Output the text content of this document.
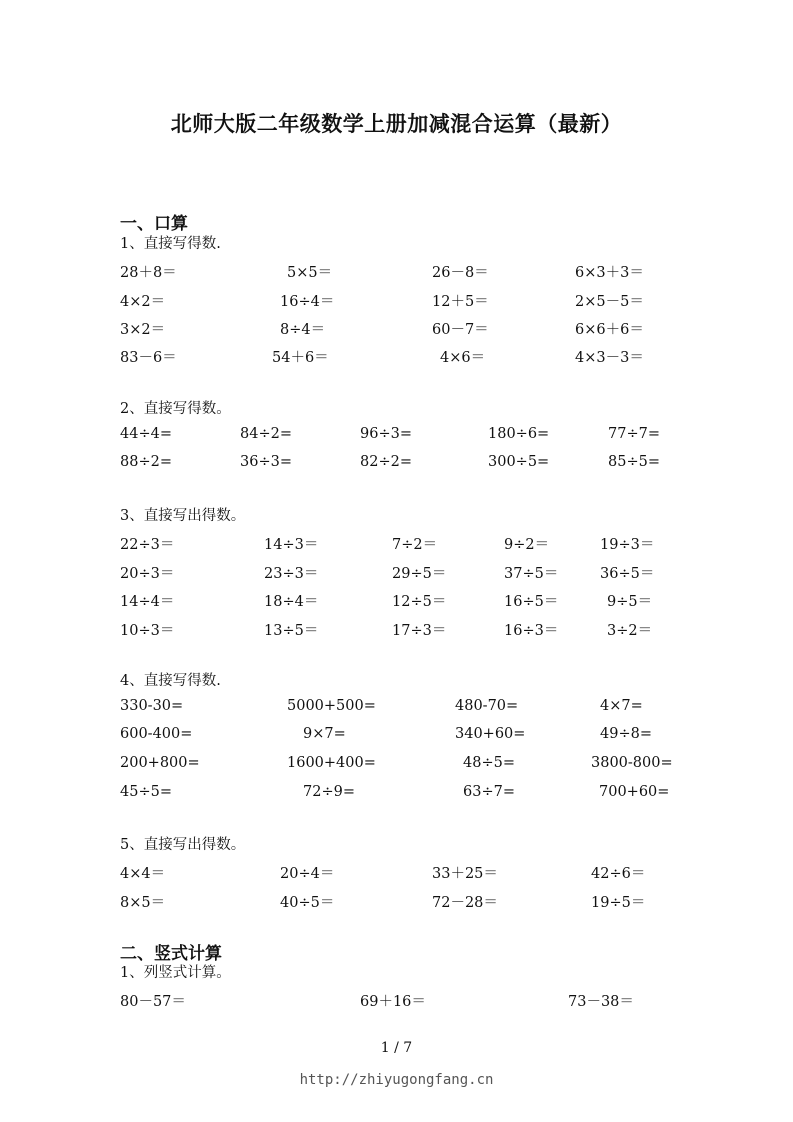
北师大版二年级数学上册加减混合运算（最新）
一、口算
1、直接写得数.
28＋8＝	5×5＝	26－8＝	6×3＋3＝
4×2＝	16÷4＝	12＋5＝	2×5－5＝
3×2＝	8÷4＝	60－7＝	6×6＋6＝
83－6＝	54＋6＝	4×6＝	4×3－3＝
2、直接写得数。
44÷4=	84÷2=	96÷3=	180÷6=	77÷7=
88÷2=	36÷3=	82÷2=	300÷5=	85÷5=
3、直接写出得数。
22÷3＝	14÷3＝	7÷2＝	9÷2＝	19÷3＝
20÷3＝	23÷3＝	29÷5＝	37÷5＝	36÷5＝
14÷4＝	18÷4＝	12÷5＝	16÷5＝	9÷5＝
10÷3＝	13÷5＝	17÷3＝	16÷3＝	3÷2＝
4、直接写得数.
330-30=	5000+500=	480-70=	4×7=
600-400=	9×7=	340+60=	49÷8=
200+800=	1600+400=	48÷5=	3800-800=
45÷5=	72÷9=	63÷7=	700+60=
5、直接写出得数。
4×4＝	20÷4＝	33＋25＝	42÷6＝
8×5＝	40÷5＝	72－28＝	19÷5＝
二、竖式计算
1、列竖式计算。
80－57＝	69＋16＝	73－38＝
1 / 7
http://zhiyugongfang.cn
